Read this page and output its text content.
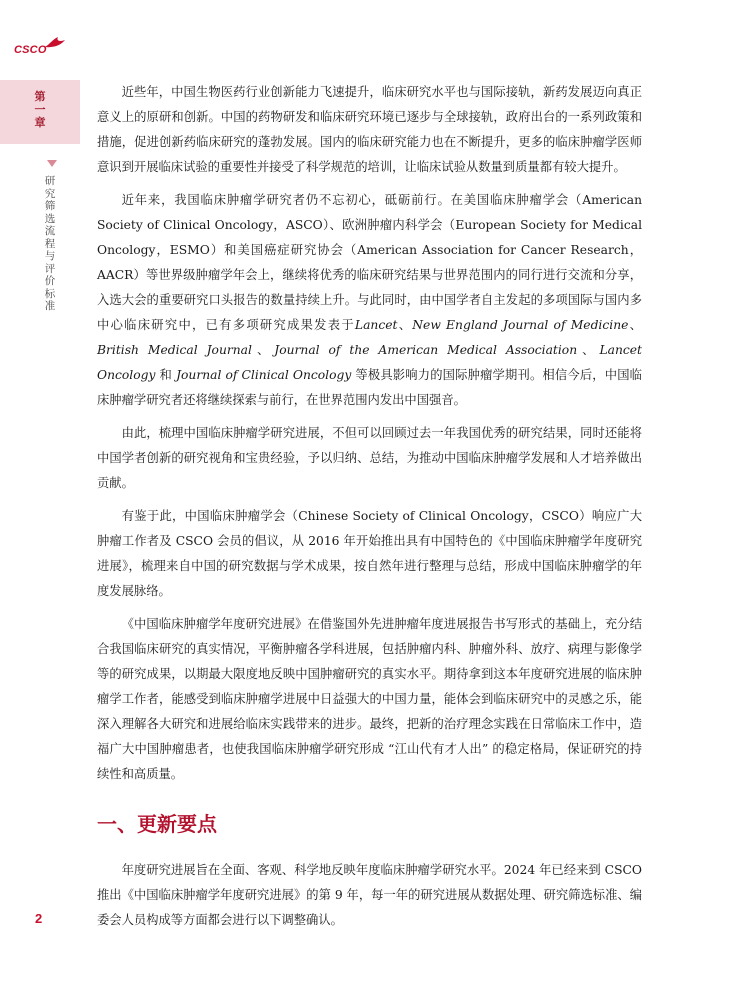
CSCO
第
一
章
研究筛选流程与评价标准

近些年，中国生物医药行业创新能力飞速提升，临床研究水平也与国际接轨，新药发展迈向真正意义上的原研和创新。中国的药物研发和临床研究环境已逐步与全球接轨，政府出台的一系列政策和措施，促进创新药临床研究的蓬勃发展。国内的临床研究能力也在不断提升，更多的临床肿瘤学医师意识到开展临床试验的重要性并接受了科学规范的培训，让临床试验从数量到质量都有较大提升。

近年来，我国临床肿瘤学研究者仍不忘初心，砥砺前行。在美国临床肿瘤学会（American Society of Clinical Oncology，ASCO）、欧洲肿瘤内科学会（European Society for Medical Oncology，ESMO）和美国癌症研究协会（American Association for Cancer Research，AACR）等世界级肿瘤学年会上，继续将优秀的临床研究结果与世界范围内的同行进行交流和分享，入选大会的重要研究口头报告的数量持续上升。与此同时，由中国学者自主发起的多项国际与国内多中心临床研究中，已有多项研究成果发表于Lancet、New England Journal of Medicine、British Medical Journal、Journal of the American Medical Association、Lancet Oncology 和 Journal of Clinical Oncology 等极具影响力的国际肿瘤学期刊。相信今后，中国临床肿瘤学研究者还将继续探索与前行，在世界范围内发出中国强音。

由此，梳理中国临床肿瘤学研究进展，不但可以回顾过去一年我国优秀的研究结果，同时还能将中国学者创新的研究视角和宝贵经验，予以归纳、总结，为推动中国临床肿瘤学发展和人才培养做出贡献。

有鉴于此，中国临床肿瘤学会（Chinese Society of Clinical Oncology，CSCO）响应广大肿瘤工作者及 CSCO 会员的倡议，从 2016 年开始推出具有中国特色的《中国临床肿瘤学年度研究进展》，梳理来自中国的研究数据与学术成果，按自然年进行整理与总结，形成中国临床肿瘤学的年度发展脉络。

《中国临床肿瘤学年度研究进展》在借鉴国外先进肿瘤年度进展报告书写形式的基础上，充分结合我国临床研究的真实情况，平衡肿瘤各学科进展，包括肿瘤内科、肿瘤外科、放疗、病理与影像学等的研究成果，以期最大限度地反映中国肿瘤研究的真实水平。期待拿到这本年度研究进展的临床肿瘤学工作者，能感受到临床肿瘤学进展中日益强大的中国力量，能体会到临床研究中的灵感之乐，能深入理解各大研究和进展给临床实践带来的进步。最终，把新的治疗理念实践在日常临床工作中，造福广大中国肿瘤患者，也使我国临床肿瘤学研究形成 “江山代有才人出” 的稳定格局，保证研究的持续性和高质量。

一、更新要点

年度研究进展旨在全面、客观、科学地反映年度临床肿瘤学研究水平。2024 年已经来到 CSCO 推出《中国临床肿瘤学年度研究进展》的第 9 年，每一年的研究进展从数据处理、研究筛选标准、编委会人员构成等方面都会进行以下调整确认。

2
